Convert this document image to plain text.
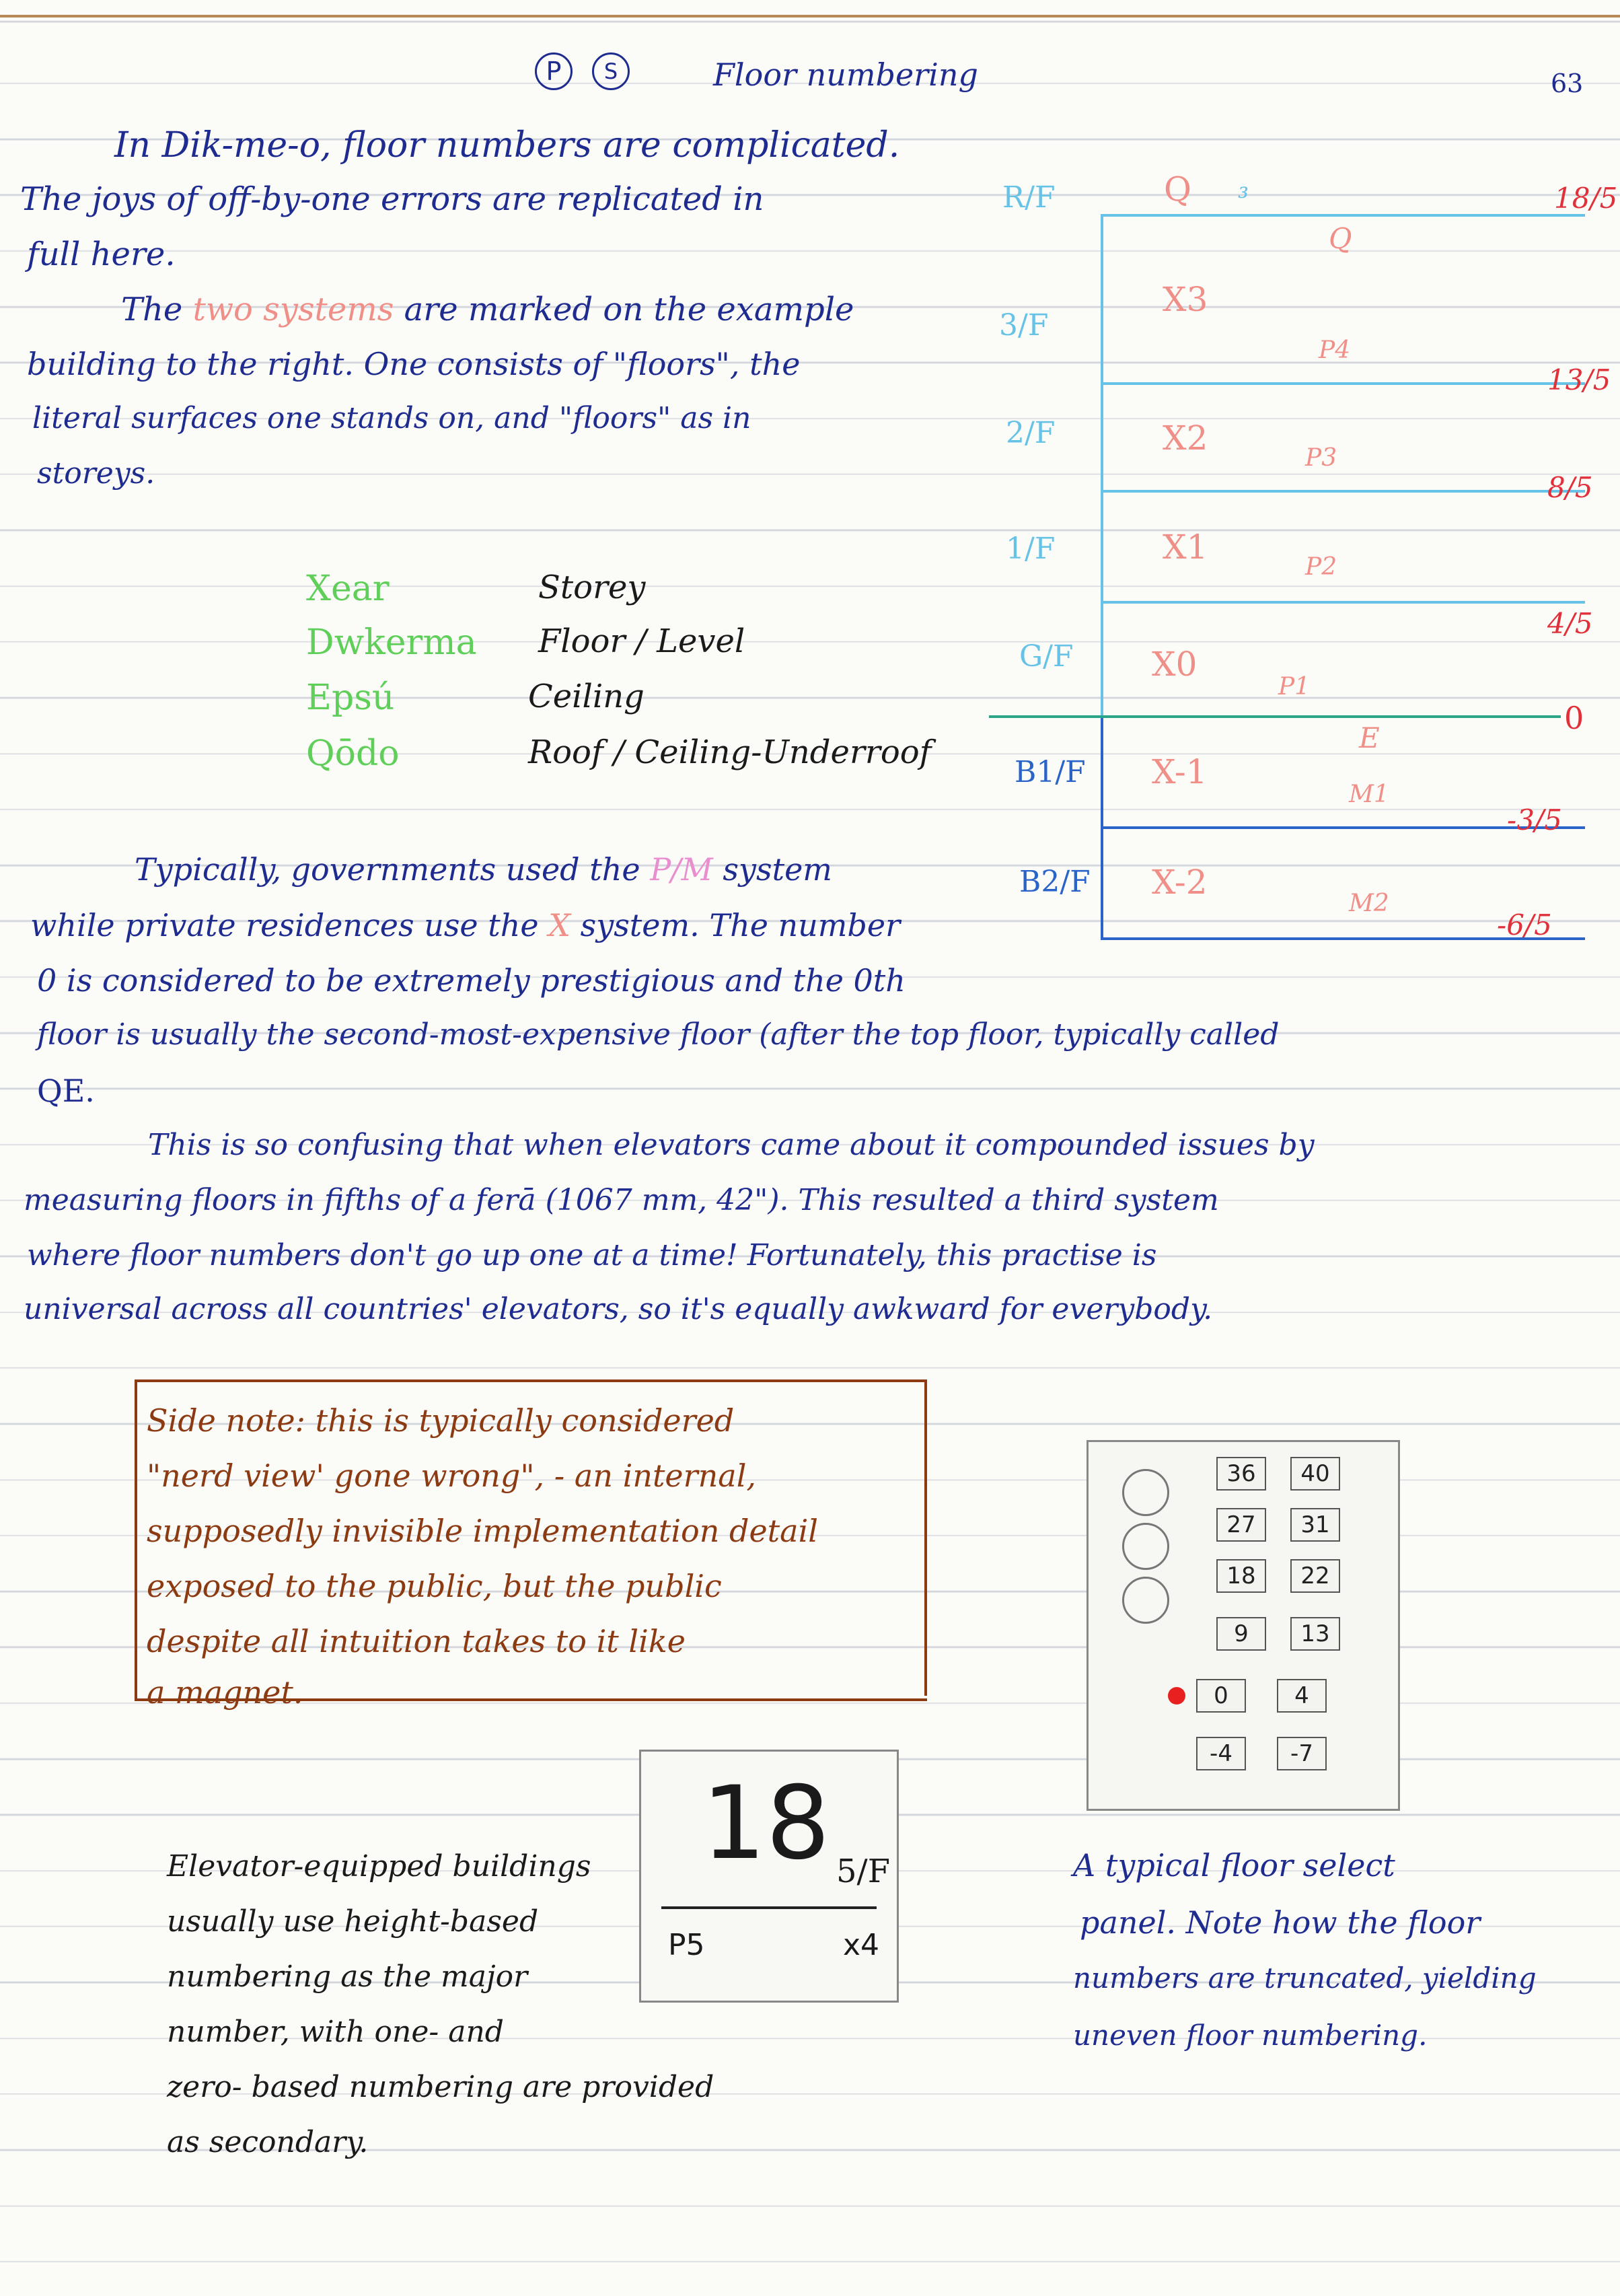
P	S	Floor numbering	63
In Dik-me-o, floor numbers are complicated.
The joys of off-by-one errors are replicated in
full here.
The two systems are marked on the example
building to the right. One consists of "floors", the
literal surfaces one stands on, and "floors" as in
storeys.
Xear	Storey
Dwkerma Floor / Level
Epsú	Ceiling
Qōdo	Roof / Ceiling-Underroof
Typically, governments used the P/M system
while private residences use the X system. The number
0 is considered to be extremely prestigious and the 0th
floor is usually the second-most-expensive floor (after the top floor, typically called
QE.
This is so confusing that when elevators came about it compounded issues by
measuring floors in fifths of a ferā (1067 mm, 42"). This resulted a third system
where floor numbers don't go up one at a time! Fortunately, this practise is
universal across all countries' elevators, so it's equally awkward for everybody.
R/F
3/F
2/F
1/F
G/F
B1/F
B2/F
Q
X3
X2
X1
X0
X-1
X-2
₃
Q
P4
P3
P2
P1
E
M1
M2
18/5
13/5
8/5
4/5
0
-3/5
-6/5
Side note: this is typically considered
"nerd view' gone wrong", - an internal,
supposedly invisible implementation detail
exposed to the public, but the public
despite all intuition takes to it like
a magnet.
36	40
27	31
18	22
9	13
0	4
-4	-7
A typical floor select
panel. Note how the floor
numbers are truncated, yielding
uneven floor numbering.
18 5/F
P5	x4
Elevator-equipped buildings
usually use height-based
numbering as the major
number, with one- and
zero- based numbering are provided
as secondary.
